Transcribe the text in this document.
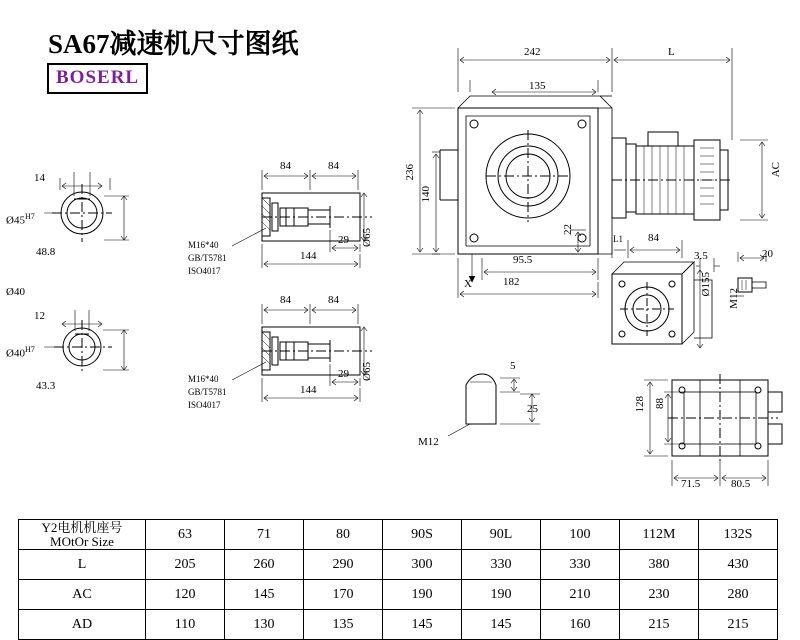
SA67减速机尺寸图纸
BOSERL
242	L
135
236
140
22
95.5
182
X
AC
L1 84
3.5	20
M12
Ø155
128 88
71.5	80.5
5
25
M12
14
$Ø45^{H7}$
48.8
Ø40
12
$Ø40^{H7}$
43.3
84	84
29
144
Ø65
M16*40
GB/T5781
ISO4017
84	84
29
144
Ø65
M16*40
GB/T5781
ISO4017
Y2电机机座号
MOtOr Size	63	71	80	90S	90L	100	112M	132S
L	205	260	290	300	330	330	380	430
AC	120	145	170	190	190	210	230	280
AD	110	130	135	145	145	160	215	215
